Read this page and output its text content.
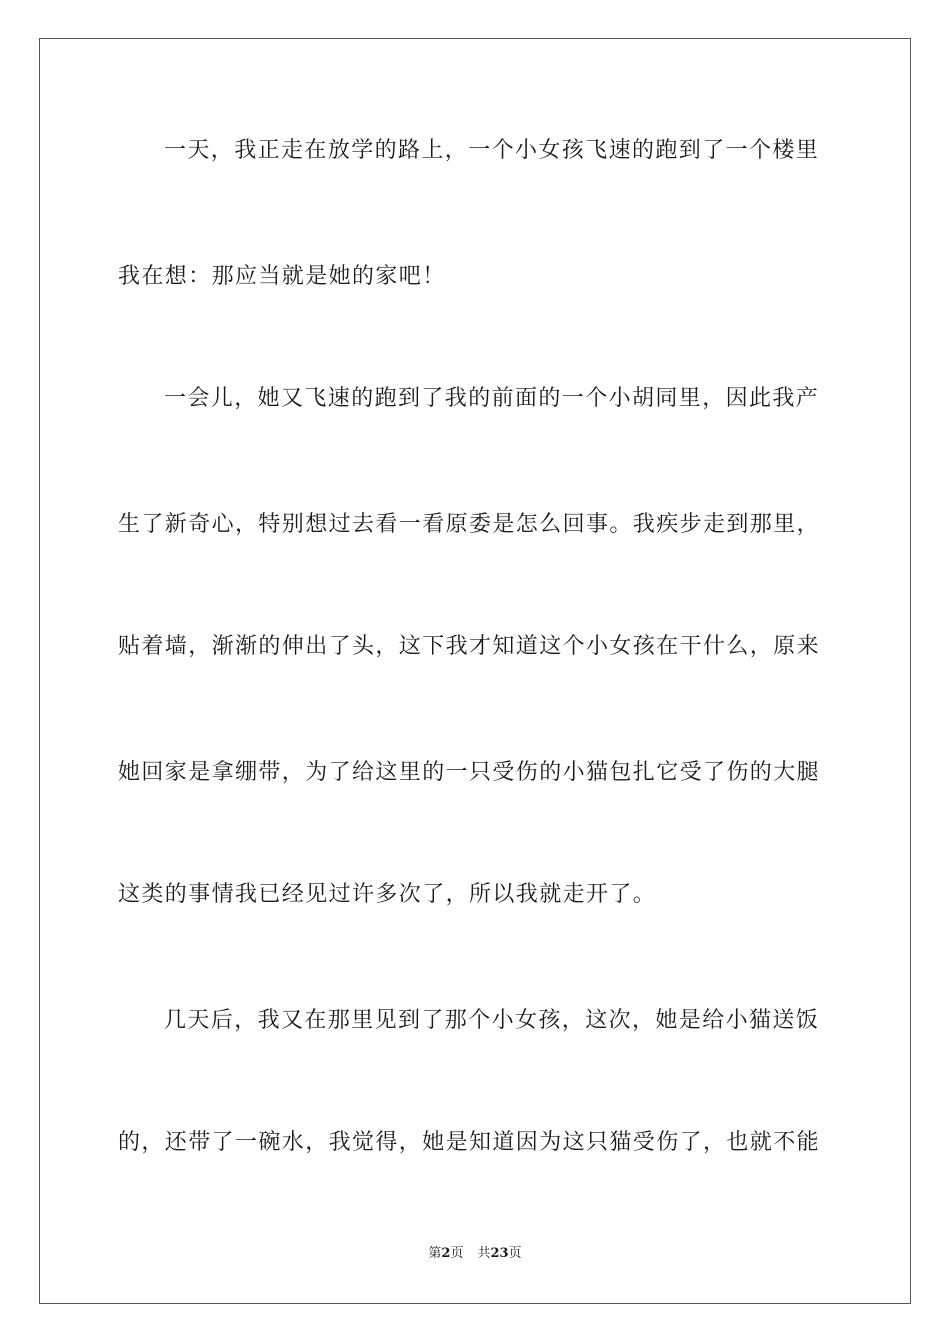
一天，我正走在放学的路上，一个小女孩飞速的跑到了一个楼里
我在想：那应当就是她的家吧！
一会儿，她又飞速的跑到了我的前面的一个小胡同里，因此我产
生了新奇心，特别想过去看一看原委是怎么回事。我疾步走到那里，
贴着墙，渐渐的伸出了头，这下我才知道这个小女孩在干什么，原来
她回家是拿绷带，为了给这里的一只受伤的小猫包扎它受了伤的大腿
这类的事情我已经见过许多次了，所以我就走开了。
几天后，我又在那里见到了那个小女孩，这次，她是给小猫送饭
的，还带了一碗水，我觉得，她是知道因为这只猫受伤了，也就不能
第2页 共23页
